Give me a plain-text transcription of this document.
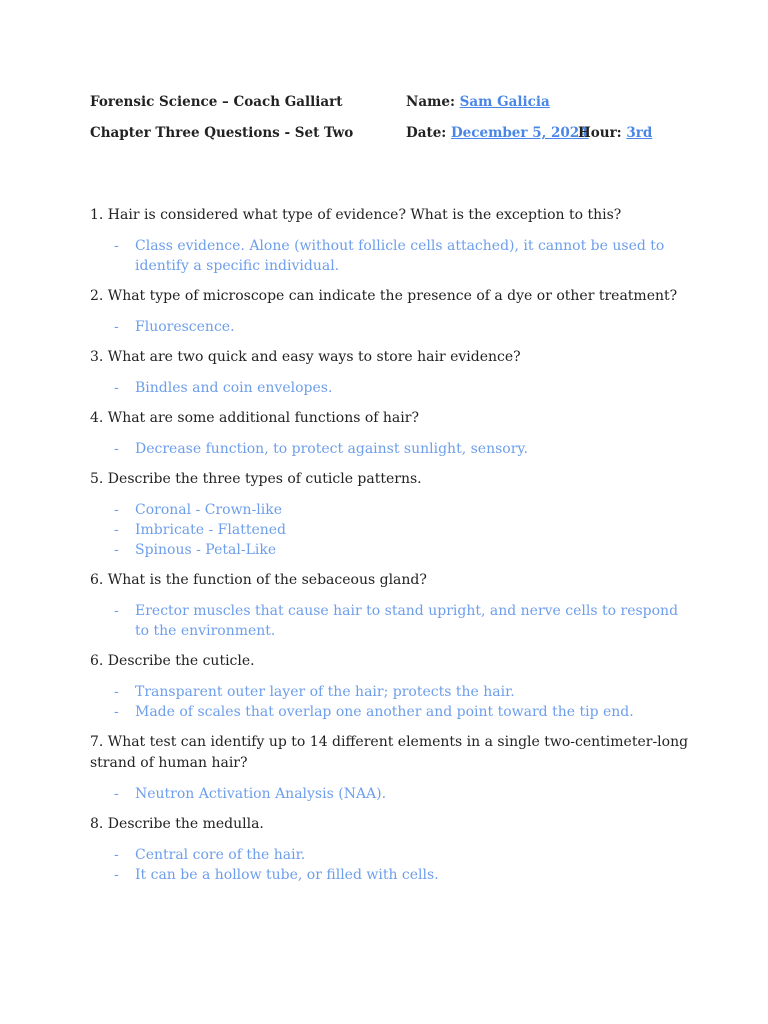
Forensic Science – Coach Galliart
Chapter Three Questions - Set Two
Name: Sam Galicia
Date: December 5, 2024
Hour: 3rd
1. Hair is considered what type of evidence? What is the exception to this?
- Class evidence. Alone (without follicle cells attached), it cannot be used to identify a specific individual.
2. What type of microscope can indicate the presence of a dye or other treatment?
- Fluorescence.
3. What are two quick and easy ways to store hair evidence?
- Bindles and coin envelopes.
4. What are some additional functions of hair?
- Decrease function, to protect against sunlight, sensory.
5. Describe the three types of cuticle patterns.
- Coronal - Crown-like
- Imbricate - Flattened
- Spinous - Petal-Like
6. What is the function of the sebaceous gland?
- Erector muscles that cause hair to stand upright, and nerve cells to respond to the environment.
6. Describe the cuticle.
- Transparent outer layer of the hair; protects the hair.
- Made of scales that overlap one another and point toward the tip end.
7. What test can identify up to 14 different elements in a single two-centimeter-long strand of human hair?
- Neutron Activation Analysis (NAA).
8. Describe the medulla.
- Central core of the hair.
- It can be a hollow tube, or filled with cells.
